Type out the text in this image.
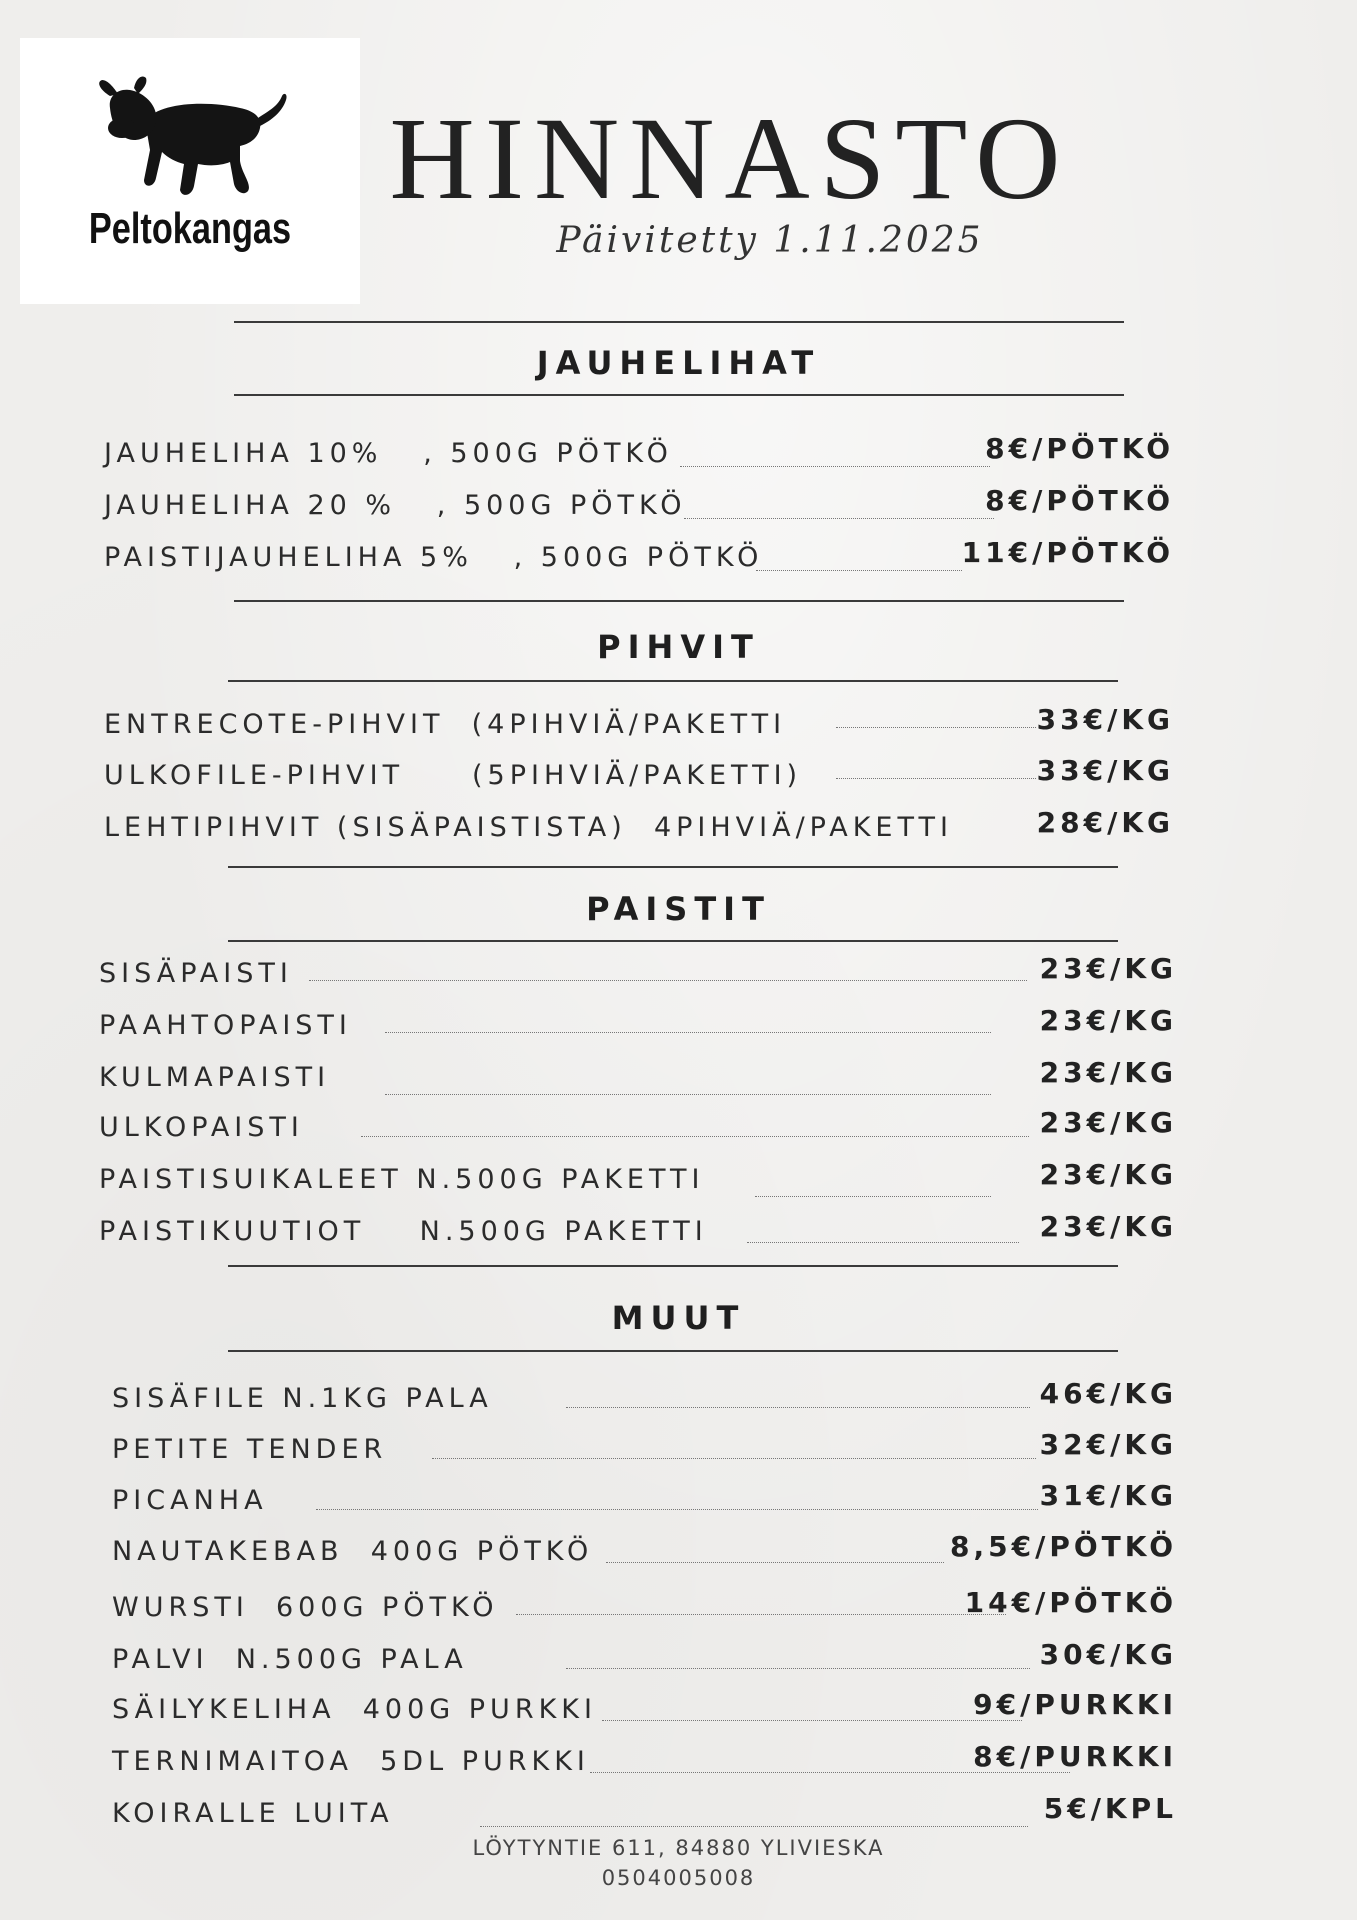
Peltokangas
HINNASTO
Päivitetty 1.11.2025
JAUHELIHAT
JAUHELIHA 10%   , 500G PÖTKÖ	8€/PÖTKÖ
JAUHELIHA 20 %   , 500G PÖTKÖ	8€/PÖTKÖ
PAISTIJAUHELIHA 5%   , 500G PÖTKÖ	11€/PÖTKÖ
PIHVIT
ENTRECOTE-PIHVIT  (4PIHVIÄ/PAKETTI	33€/KG
ULKOFILE-PIHVIT     (5PIHVIÄ/PAKETTI)	33€/KG
LEHTIPIHVIT (SISÄPAISTISTA)  4PIHVIÄ/PAKETTI	28€/KG
PAISTIT
SISÄPAISTI	23€/KG
PAAHTOPAISTI	23€/KG
KULMAPAISTI	23€/KG
ULKOPAISTI	23€/KG
PAISTISUIKALEET N.500G PAKETTI	23€/KG
PAISTIKUUTIOT    N.500G PAKETTI	23€/KG
MUUT
SISÄFILE N.1KG PALA	46€/KG
PETITE TENDER	32€/KG
PICANHA	31€/KG
NAUTAKEBAB  400G PÖTKÖ	8,5€/PÖTKÖ
WURSTI  600G PÖTKÖ	14€/PÖTKÖ
PALVI  N.500G PALA	30€/KG
SÄILYKELIHA  400G PURKKI	9€/PURKKI
TERNIMAITOA  5DL PURKKI	8€/PURKKI
KOIRALLE LUITA	5€/KPL
LÖYTYNTIE 611, 84880 YLIVIESKA
0504005008
